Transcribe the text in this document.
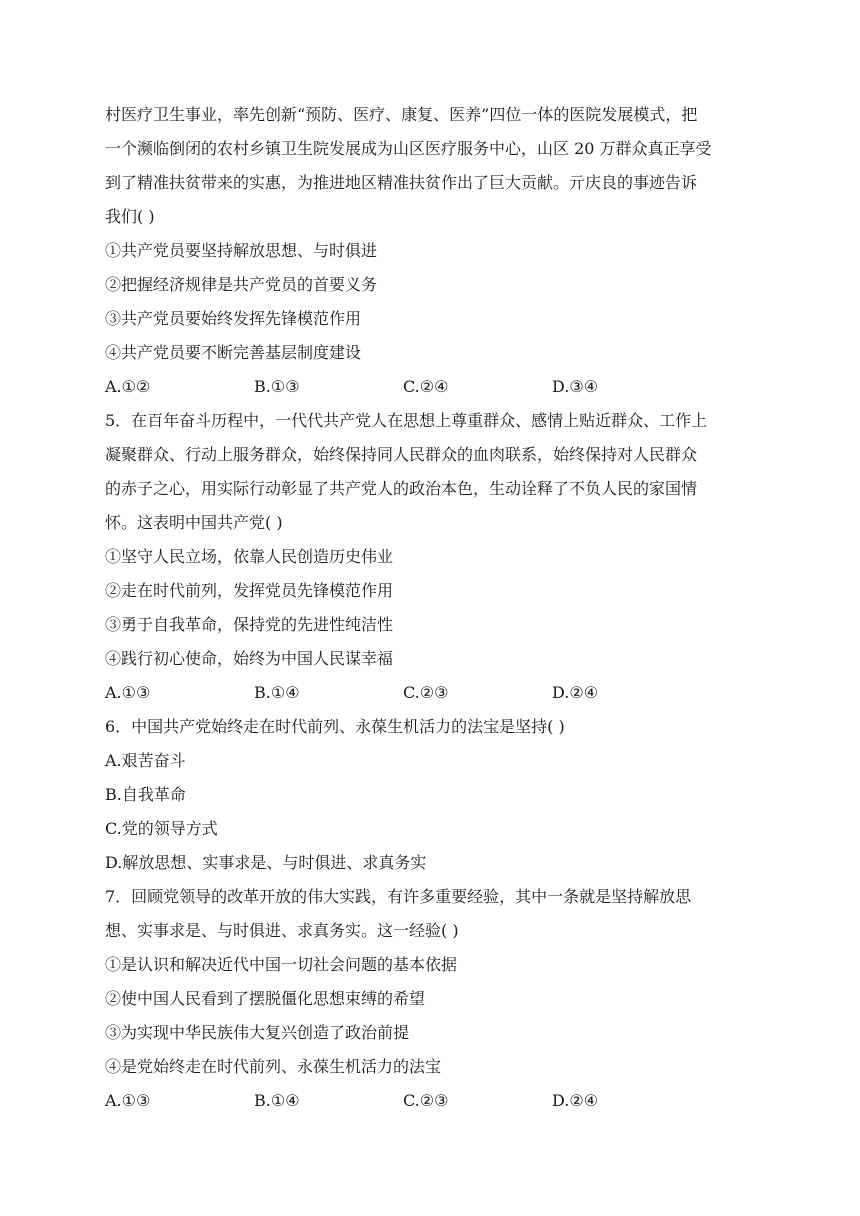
村医疗卫生事业，率先创新“预防、医疗、康复、医养”四位一体的医院发展模式，把
一个濒临倒闭的农村乡镇卫生院发展成为山区医疗服务中心，山区 20 万群众真正享受
到了精准扶贫带来的实惠，为推进地区精准扶贫作出了巨大贡献。亓庆良的事迹告诉
我们( )
①共产党员要坚持解放思想、与时俱进
②把握经济规律是共产党员的首要义务
③共产党员要始终发挥先锋模范作用
④共产党员要不断完善基层制度建设
A.①②	B.①③	C.②④	D.③④
5．在百年奋斗历程中，一代代共产党人在思想上尊重群众、感情上贴近群众、工作上
凝聚群众、行动上服务群众，始终保持同人民群众的血肉联系，始终保持对人民群众
的赤子之心，用实际行动彰显了共产党人的政治本色，生动诠释了不负人民的家国情
怀。这表明中国共产党( )
①坚守人民立场，依靠人民创造历史伟业
②走在时代前列，发挥党员先锋模范作用
③勇于自我革命，保持党的先进性纯洁性
④践行初心使命，始终为中国人民谋幸福
A.①③	B.①④	C.②③	D.②④
6．中国共产党始终走在时代前列、永葆生机活力的法宝是坚持( )
A.艰苦奋斗
B.自我革命
C.党的领导方式
D.解放思想、实事求是、与时俱进、求真务实
7．回顾党领导的改革开放的伟大实践，有许多重要经验，其中一条就是坚持解放思
想、实事求是、与时俱进、求真务实。这一经验( )
①是认识和解决近代中国一切社会问题的基本依据
②使中国人民看到了摆脱僵化思想束缚的希望
③为实现中华民族伟大复兴创造了政治前提
④是党始终走在时代前列、永葆生机活力的法宝
A.①③	B.①④	C.②③	D.②④
